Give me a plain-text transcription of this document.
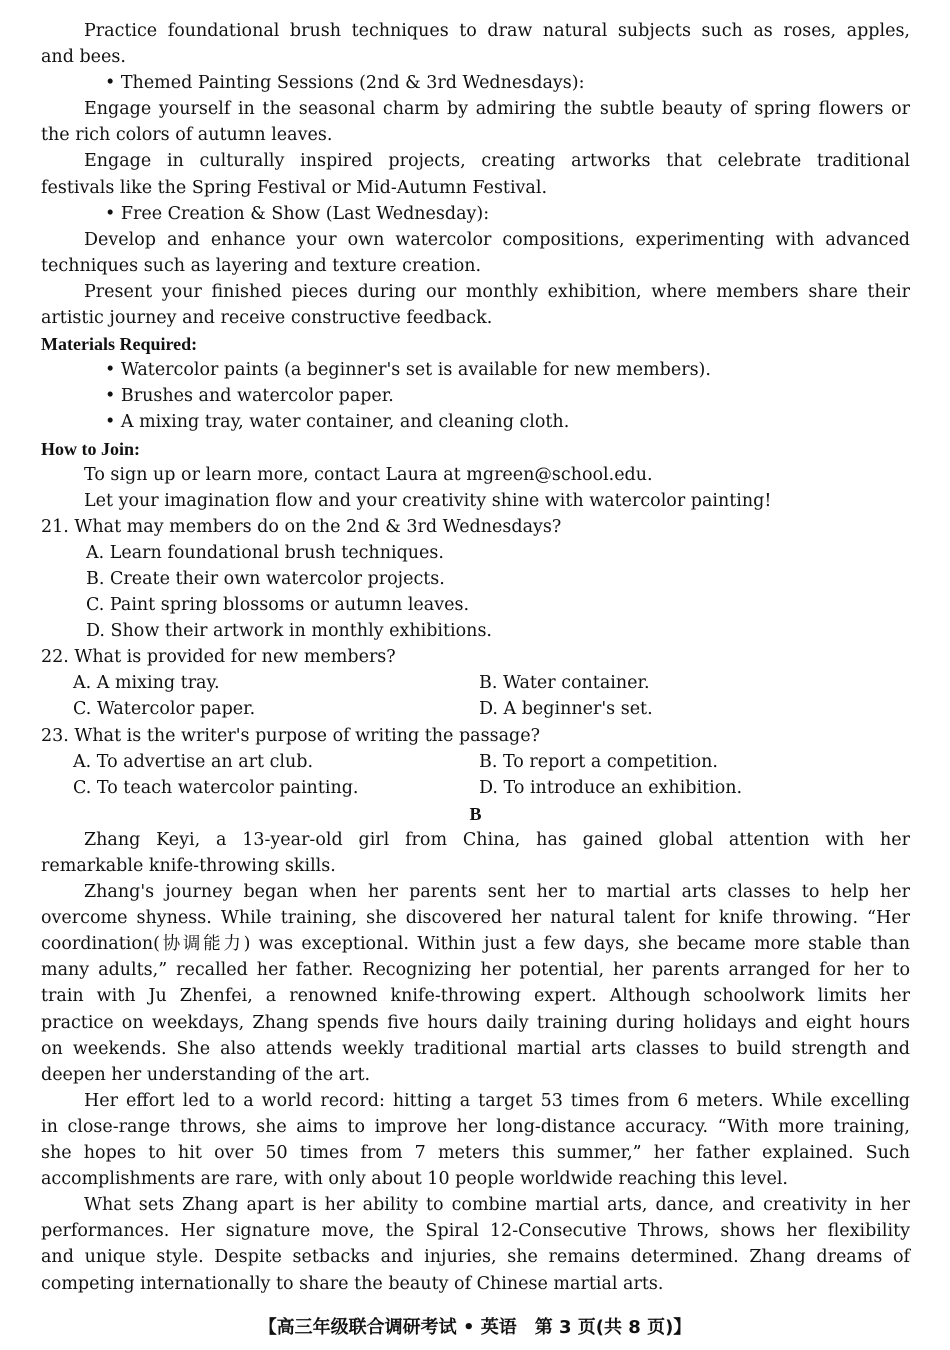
Practice foundational brush techniques to draw natural subjects such as roses, apples,
and bees.
• Themed Painting Sessions (2nd & 3rd Wednesdays):
Engage yourself in the seasonal charm by admiring the subtle beauty of spring flowers or
the rich colors of autumn leaves.
Engage in culturally inspired projects, creating artworks that celebrate traditional
festivals like the Spring Festival or Mid-Autumn Festival.
• Free Creation & Show (Last Wednesday):
Develop and enhance your own watercolor compositions, experimenting with advanced
techniques such as layering and texture creation.
Present your finished pieces during our monthly exhibition, where members share their
artistic journey and receive constructive feedback.
Materials Required:
• Watercolor paints (a beginner's set is available for new members).
• Brushes and watercolor paper.
• A mixing tray, water container, and cleaning cloth.
How to Join:
To sign up or learn more, contact Laura at mgreen@school.edu.
Let your imagination flow and your creativity shine with watercolor painting!
21. What may members do on the 2nd & 3rd Wednesdays?
A. Learn foundational brush techniques.
B. Create their own watercolor projects.
C. Paint spring blossoms or autumn leaves.
D. Show their artwork in monthly exhibitions.
22. What is provided for new members?
A. A mixing tray.	B. Water container.
C. Watercolor paper.	D. A beginner's set.
23. What is the writer's purpose of writing the passage?
A. To advertise an art club.	B. To report a competition.
C. To teach watercolor painting.	D. To introduce an exhibition.
B
Zhang Keyi, a 13-year-old girl from China, has gained global attention with her
remarkable knife-throwing skills.
Zhang's journey began when her parents sent her to martial arts classes to help her
overcome shyness. While training, she discovered her natural talent for knife throwing. “Her
coordination(协调能力) was exceptional. Within just a few days, she became more stable than
many adults,” recalled her father. Recognizing her potential, her parents arranged for her to
train with Ju Zhenfei, a renowned knife-throwing expert. Although schoolwork limits her
practice on weekdays, Zhang spends five hours daily training during holidays and eight hours
on weekends. She also attends weekly traditional martial arts classes to build strength and
deepen her understanding of the art.
Her effort led to a world record: hitting a target 53 times from 6 meters. While excelling
in close-range throws, she aims to improve her long-distance accuracy. “With more training,
she hopes to hit over 50 times from 7 meters this summer,” her father explained. Such
accomplishments are rare, with only about 10 people worldwide reaching this level.
What sets Zhang apart is her ability to combine martial arts, dance, and creativity in her
performances. Her signature move, the Spiral 12-Consecutive Throws, shows her flexibility
and unique style. Despite setbacks and injuries, she remains determined. Zhang dreams of
competing internationally to share the beauty of Chinese martial arts.
【高三年级联合调研考试 • 英语　第 3 页(共 8 页)】
